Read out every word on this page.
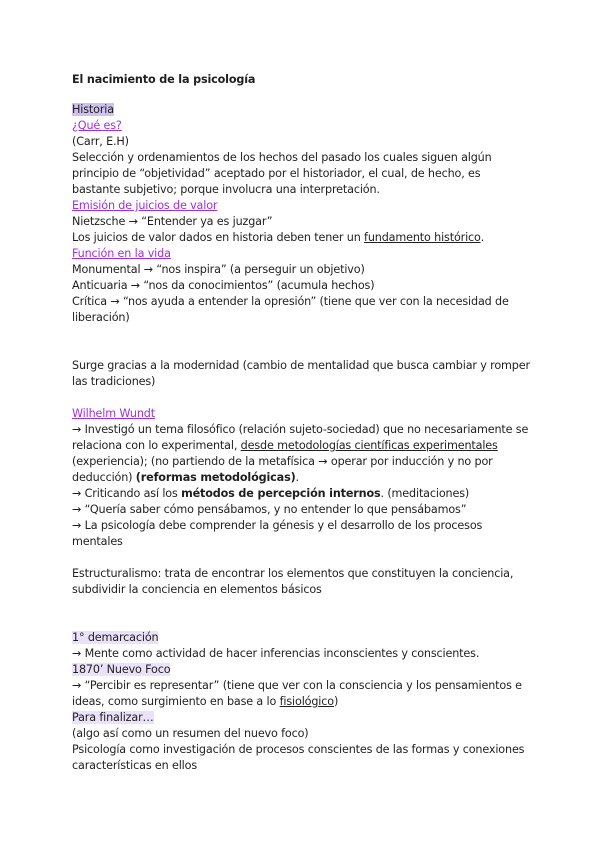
El nacimiento de la psicología
Historia
¿Qué es?
(Carr, E.H)
Selección y ordenamientos de los hechos del pasado los cuales siguen algún principio de “objetividad” aceptado por el historiador, el cual, de hecho, es bastante subjetivo; porque involucra una interpretación.
Emisión de juicios de valor
Nietzsche → “Entender ya es juzgar”
Los juicios de valor dados en historia deben tener un fundamento histórico.
Función en la vida
Monumental → “nos inspira” (a perseguir un objetivo)
Anticuaria → “nos da conocimientos” (acumula hechos)
Crítica → “nos ayuda a entender la opresión” (tiene que ver con la necesidad de liberación)
Surge gracias a la modernidad (cambio de mentalidad que busca cambiar y romper las tradiciones)
Wilhelm Wundt
→ Investigó un tema filosófico (relación sujeto-sociedad) que no necesariamente se relaciona con lo experimental, desde metodologías científicas experimentales (experiencia); (no partiendo de la metafísica → operar por inducción y no por deducción) (reformas metodológicas).
→ Criticando así los métodos de percepción internos. (meditaciones)
→ “Quería saber cómo pensábamos, y no entender lo que pensábamos”
→ La psicología debe comprender la génesis y el desarrollo de los procesos mentales
Estructuralismo: trata de encontrar los elementos que constituyen la conciencia, subdividir la conciencia en elementos básicos
1° demarcación
→ Mente como actividad de hacer inferencias inconscientes y conscientes.
1870’ Nuevo Foco
→ “Percibir es representar” (tiene que ver con la consciencia y los pensamientos e ideas, como surgimiento en base a lo fisiológico)
Para finalizar…
(algo así como un resumen del nuevo foco)
Psicología como investigación de procesos conscientes de las formas y conexiones características en ellos
